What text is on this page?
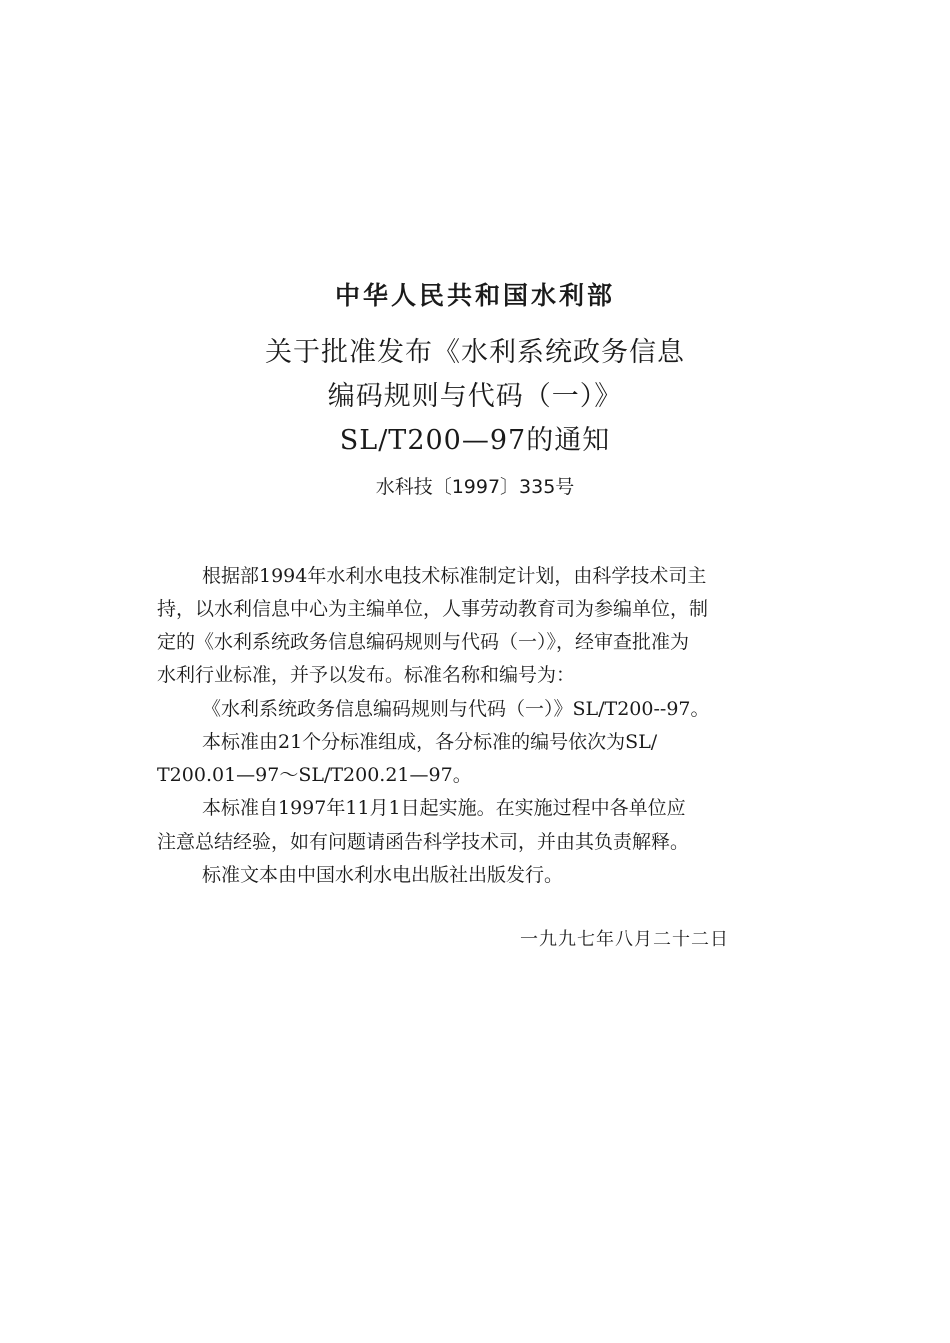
中华人民共和国水利部
关于批准发布《水利系统政务信息
编码规则与代码（一）》
SL/T200—97的通知
水科技〔1997〕335号
根据部1994年水利水电技术标准制定计划，由科学技术司主
持，以水利信息中心为主编单位，人事劳动教育司为参编单位，制
定的《水利系统政务信息编码规则与代码（一）》，经审查批准为
水利行业标准，并予以发布。标准名称和编号为：
《水利系统政务信息编码规则与代码（一）》SL/T200--97。
本标准由21个分标准组成，各分标准的编号依次为SL/
T200.01—97～SL/T200.21—97。
本标准自1997年11月1日起实施。在实施过程中各单位应
注意总结经验，如有问题请函告科学技术司，并由其负责解释。
标准文本由中国水利水电出版社出版发行。
一九九七年八月二十二日
